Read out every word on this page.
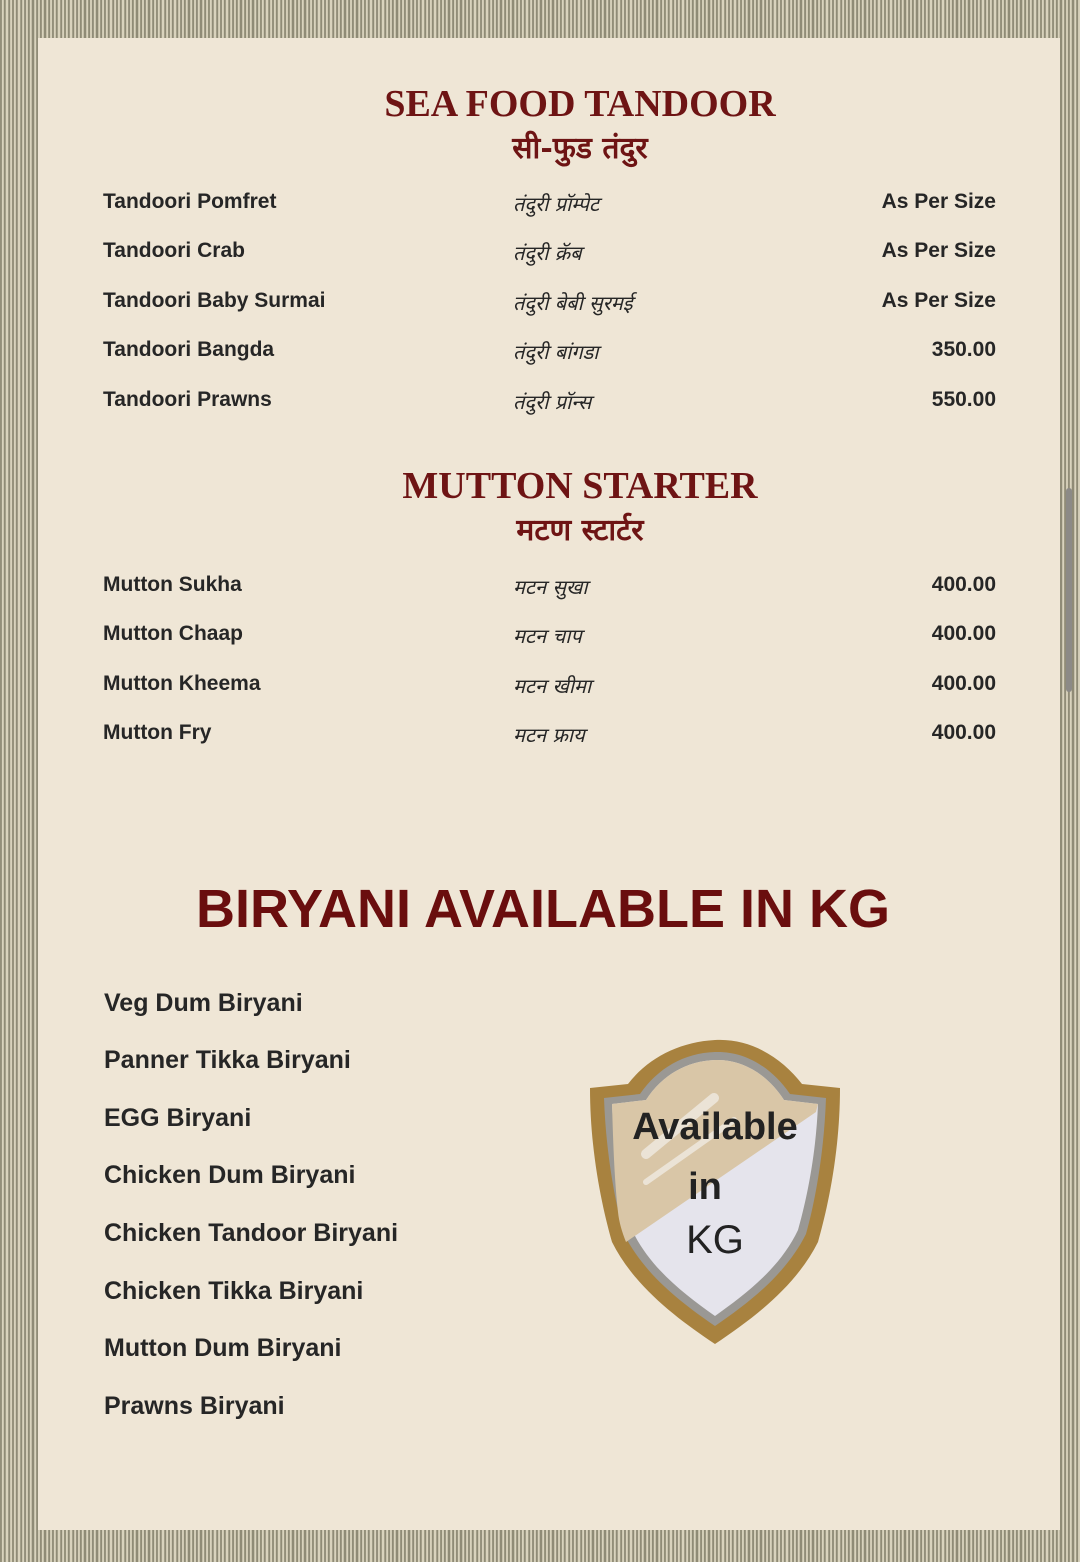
SEA FOOD TANDOOR
सी-फुड तंदुर
Tandoori Pomfret	तंदुरी प्रॉम्पेट	As Per Size
Tandoori Crab	तंदुरी क्रॅब	As Per Size
Tandoori Baby Surmai	तंदुरी बेबी सुरमई	As Per Size
Tandoori Bangda	तंदुरी बांगडा	350.00
Tandoori Prawns	तंदुरी प्रॉन्स	550.00
MUTTON STARTER
मटण स्टार्टर
Mutton Sukha	मटन सुखा	400.00
Mutton Chaap	मटन चाप	400.00
Mutton Kheema	मटन खीमा	400.00
Mutton Fry	मटन फ्राय	400.00
BIRYANI AVAILABLE IN KG
Veg Dum Biryani
Panner Tikka Biryani
EGG Biryani
Chicken Dum Biryani
Chicken Tandoor Biryani
Chicken Tikka Biryani
Mutton Dum Biryani
Prawns Biryani
Available
in
KG
